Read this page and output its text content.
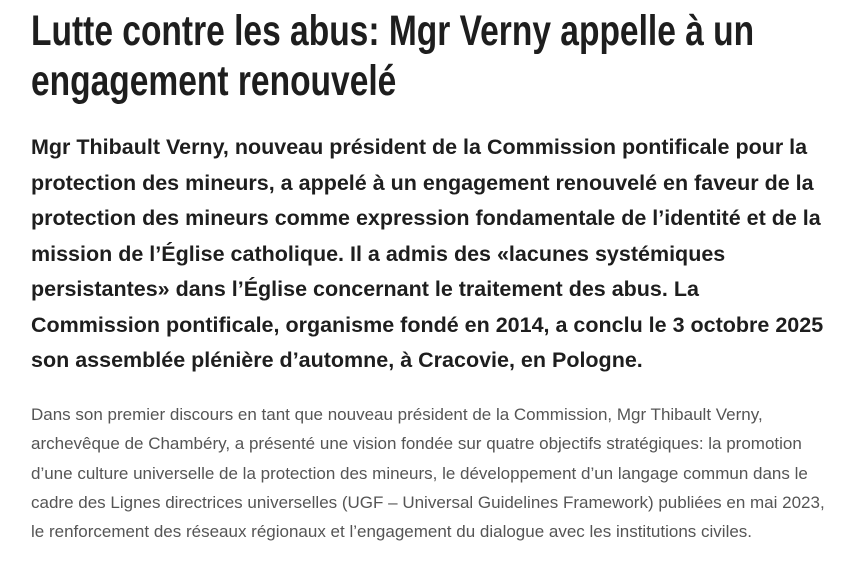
Lutte contre les abus: Mgr Verny appelle à un engagement renouvelé

Mgr Thibault Verny, nouveau président de la Commission pontificale pour la protection des mineurs, a appelé à un engagement renouvelé en faveur de la protection des mineurs comme expression fondamentale de l’identité et de la mission de l’Église catholique. Il a admis des «lacunes systémiques persistantes» dans l’Église concernant le traitement des abus. La Commission pontificale, organisme fondé en 2014, a conclu le 3 octobre 2025 son assemblée plénière d’automne, à Cracovie, en Pologne.

Dans son premier discours en tant que nouveau président de la Commission, Mgr Thibault Verny, archevêque de Chambéry, a présenté une vision fondée sur quatre objectifs stratégiques: la promotion d’une culture universelle de la protection des mineurs, le développement d’un langage commun dans le cadre des Lignes directrices universelles (UGF – Universal Guidelines Framework) publiées en mai 2023, le renforcement des réseaux régionaux et l’engagement du dialogue avec les institutions civiles.
